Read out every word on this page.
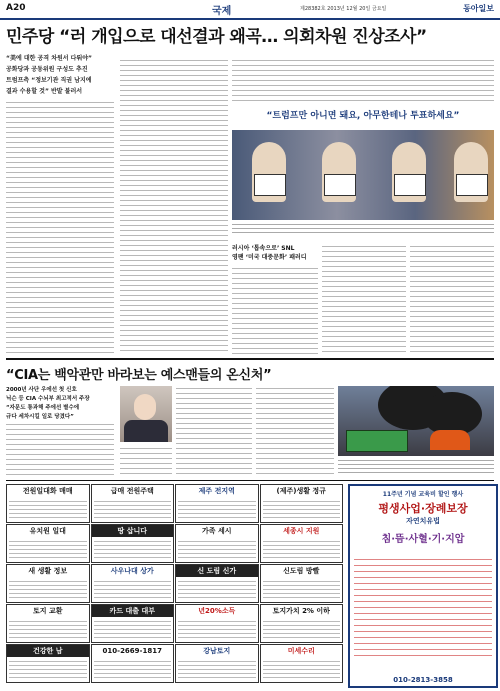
A20	국제	제28382호 2013년 12월 20일 금요일	동아일보
민주당 “러 개입으로 대선결과 왜곡… 의회차원 진상조사”
“美에 대한 공격 차원서 다뤄야”
공화당과 공동위원 구성도 추진
트럼프측 “정보기관 직권 남지에
결과 수용할 것” 반발 불러서
“트럼프만 아니면 돼요, 아무한테나 투표하세요”
러시아 ‘톱속으로’ SNL
영팬 ‘미국 대중문화’ 패러디
“CIA는 백악관만 바라보는 예스맨들의 온신처”
2000년 사단 우에선 첫 신호
닉슨 등 CIA 수뇌부 최고적서 주장
“자문도 통과해 주에선 별수에
규다 세차시킬 일로 당겼다”
전원일대화 매매	급매 전원주택	제주 전지역	(제주)생활 정규
유치원 일대	땅 삽니다	가족 세시	세종시 지원
새 생활 정보	사우나대 상가	신 도림 신가	신도림 방빨
토지 교환	카드 대출 대부	년20%소득	토지가치 2% 이하
건강한 남	010-2669-1817	강남토지	미세수리
11주년 기념 교육비 할인 행사
평생사업·장례보장
자연치유법
침·뜸·사혈·기·지압
010-2813-3858
